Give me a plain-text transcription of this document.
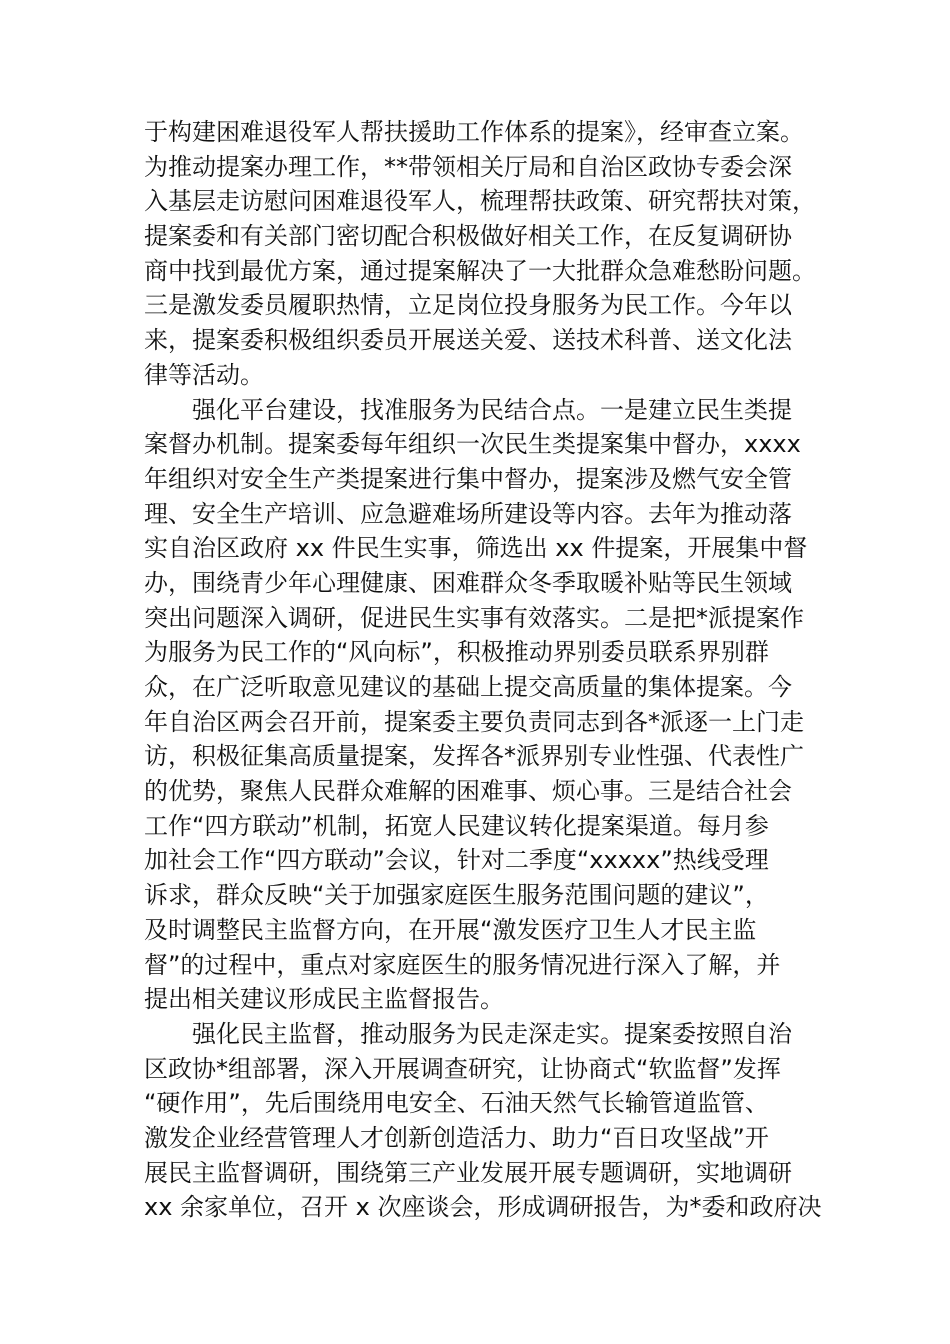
于构建困难退役军人帮扶援助工作体系的提案》，经审查立案。
为推动提案办理工作，**带领相关厅局和自治区政协专委会深
入基层走访慰问困难退役军人，梳理帮扶政策、研究帮扶对策，
提案委和有关部门密切配合积极做好相关工作，在反复调研协
商中找到最优方案，通过提案解决了一大批群众急难愁盼问题。
三是激发委员履职热情，立足岗位投身服务为民工作。今年以
来，提案委积极组织委员开展送关爱、送技术科普、送文化法
律等活动。
强化平台建设，找准服务为民结合点。一是建立民生类提
案督办机制。提案委每年组织一次民生类提案集中督办，xxxx
年组织对安全生产类提案进行集中督办，提案涉及燃气安全管
理、安全生产培训、应急避难场所建设等内容。去年为推动落
实自治区政府 xx 件民生实事，筛选出 xx 件提案，开展集中督
办，围绕青少年心理健康、困难群众冬季取暖补贴等民生领域
突出问题深入调研，促进民生实事有效落实。二是把*派提案作
为服务为民工作的“风向标”，积极推动界别委员联系界别群
众，在广泛听取意见建议的基础上提交高质量的集体提案。今
年自治区两会召开前，提案委主要负责同志到各*派逐一上门走
访，积极征集高质量提案，发挥各*派界别专业性强、代表性广
的优势，聚焦人民群众难解的困难事、烦心事。三是结合社会
工作“四方联动”机制，拓宽人民建议转化提案渠道。每月参
加社会工作“四方联动”会议，针对二季度“xxxxx”热线受理
诉求，群众反映“关于加强家庭医生服务范围问题的建议”，
及时调整民主监督方向，在开展“激发医疗卫生人才民主监
督”的过程中，重点对家庭医生的服务情况进行深入了解，并
提出相关建议形成民主监督报告。
强化民主监督，推动服务为民走深走实。提案委按照自治
区政协*组部署，深入开展调查研究，让协商式“软监督”发挥
“硬作用”，先后围绕用电安全、石油天然气长输管道监管、
激发企业经营管理人才创新创造活力、助力“百日攻坚战”开
展民主监督调研，围绕第三产业发展开展专题调研，实地调研
xx 余家单位，召开 x 次座谈会，形成调研报告，为*委和政府决
